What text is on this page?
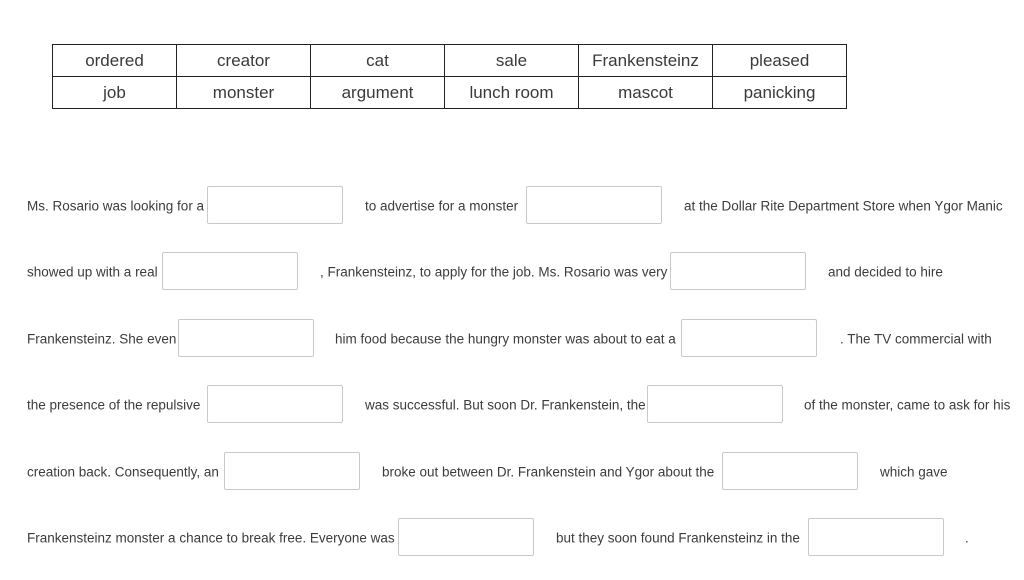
ordered	creator	cat	sale	Frankensteinz	pleased
job	monster	argument	lunch room	mascot	panicking
Ms. Rosario was looking for a	to advertise for a monster	at the Dollar Rite Department Store when Ygor Manic
showed up with a real	, Frankensteinz, to apply for the job. Ms. Rosario was very	and decided to hire
Frankensteinz. She even	him food because the hungry monster was about to eat a	. The TV commercial with
the presence of the repulsive	was successful. But soon Dr. Frankenstein, the	of the monster, came to ask for his
creation back. Consequently, an	broke out between Dr. Frankenstein and Ygor about the	which gave
Frankensteinz monster a chance to break free. Everyone was	but they soon found Frankensteinz in the	.
